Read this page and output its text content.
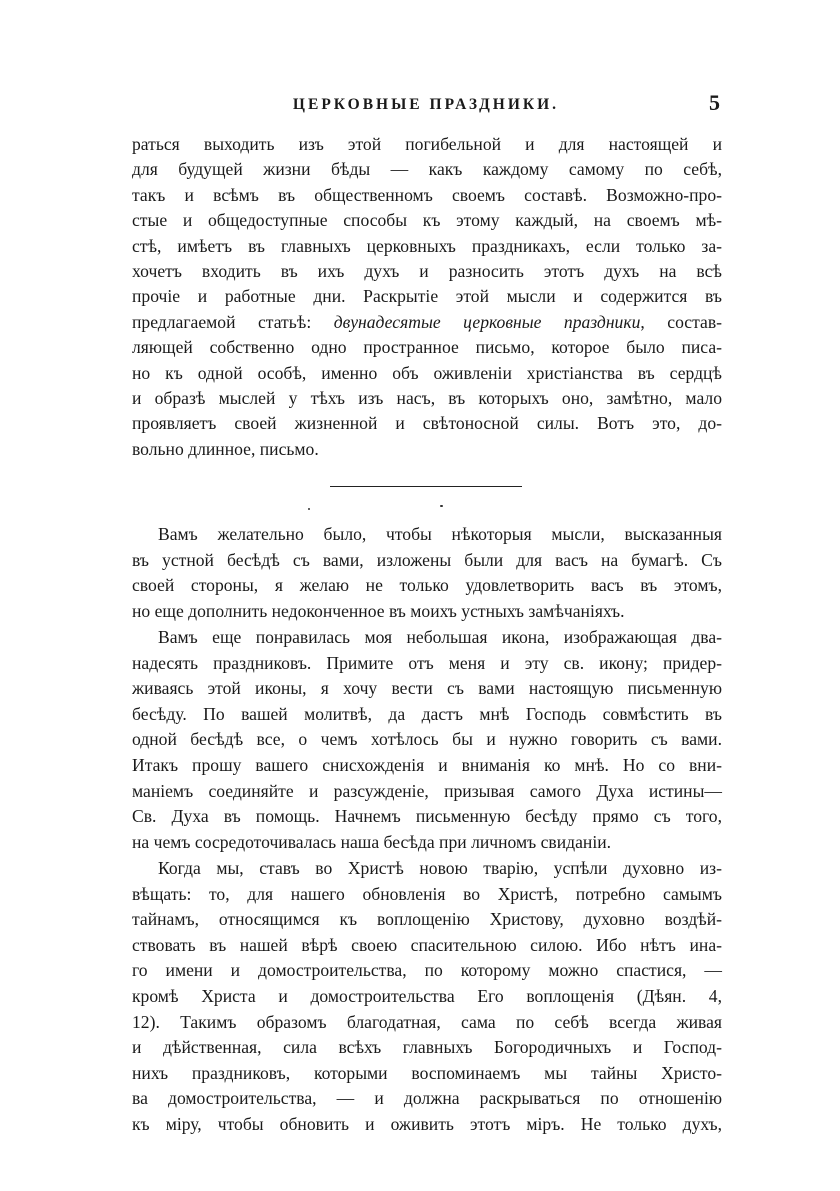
ЦЕРКОВНЫЕ ПРАЗДНИКИ.	5
раться выходить изъ этой погибельной и для настоящей и
для будущей жизни бѣды — какъ каждому самому по себѣ,
такъ и всѣмъ въ общественномъ своемъ составѣ. Возможно-про-
стые и общедоступные способы къ этому каждый, на своемъ мѣ-
стѣ, имѣетъ въ главныхъ церковныхъ праздникахъ, если только за-
хочетъ входить въ ихъ духъ и разносить этотъ духъ на всѣ
прочіе и работные дни. Раскрытіе этой мысли и содержится въ
предлагаемой статьѣ: двунадесятые церковные праздники, состав-
ляющей собственно одно пространное письмо, которое было писа-
но къ одной особѣ, именно объ оживленіи христіанства въ сердцѣ
и образѣ мыслей у тѣхъ изъ насъ, въ которыхъ оно, замѣтно, мало
проявляетъ своей жизненной и свѣтоносной силы. Вотъ это, до-
вольно длинное, письмо.
Вамъ желательно было, чтобы нѣкоторыя мысли, высказанныя
въ устной бесѣдѣ съ вами, изложены были для васъ на бумагѣ. Съ
своей стороны, я желаю не только удовлетворить васъ въ этомъ,
но еще дополнить недоконченное въ моихъ устныхъ замѣчаніяхъ.
Вамъ еще понравилась моя небольшая икона, изображающая два-
надесять праздниковъ. Примите отъ меня и эту св. икону; придер-
живаясь этой иконы, я хочу вести съ вами настоящую письменную
бесѣду. По вашей молитвѣ, да дастъ мнѣ Господь совмѣстить въ
одной бесѣдѣ все, о чемъ хотѣлось бы и нужно говорить съ вами.
Итакъ прошу вашего снисхожденія и вниманія ко мнѣ. Но со вни-
маніемъ соединяйте и разсужденіе, призывая самого Духа истины—
Св. Духа въ помощь. Начнемъ письменную бесѣду прямо съ того,
на чемъ сосредоточивалась наша бесѣда при личномъ свиданіи.
Когда мы, ставъ во Христѣ новою тварію, успѣли духовно из-
вѣщать: то, для нашего обновленія во Христѣ, потребно самымъ
тайнамъ, относящимся къ воплощенію Христову, духовно воздѣй-
ствовать въ нашей вѣрѣ своею спасительною силою. Ибо нѣтъ ина-
го имени и домостроительства, по которому можно спастися, —
кромѣ Христа и домостроительства Его воплощенія (Дѣян. 4,
12). Такимъ образомъ благодатная, сама по себѣ всегда живая
и дѣйственная, сила всѣхъ главныхъ Богородичныхъ и Господ-
нихъ праздниковъ, которыми воспоминаемъ мы тайны Христо-
ва домостроительства, — и должна раскрываться по отношенію
къ міру, чтобы обновить и оживить этотъ міръ. Не только духъ,
